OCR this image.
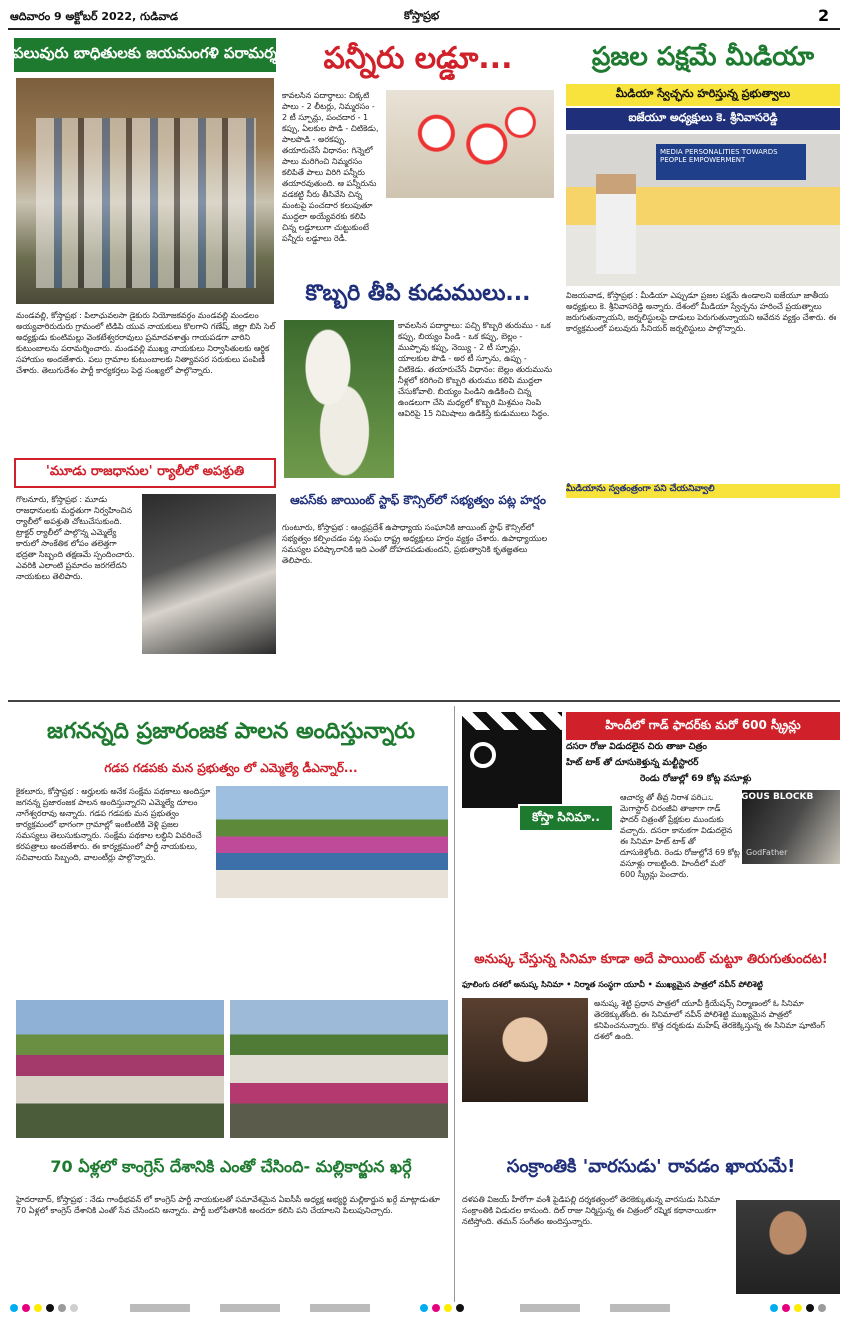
ఆదివారం 9 అక్టోబర్ 2022, గుడివాడ	కోస్తాప్రభ	2
పలువురు బాధితులకు జయమంగళి పరామర్శ
మండవల్లి, కోస్తాప్రభ : పిలాఛువలసా డైకురు నియోజకవర్గం మండవల్లి మండలం అయ్యవారిరుదురు గ్రామంలో టిడిపి యువ నాయకులు కొలగాని గణేష్, జిల్లా బిసి సెల్ అధ్యక్షుడు కుంటిమల్లు వెంకటేశ్వరరావులు ప్రమాదవశాత్తు గాయపడగా వారిని కుటుంబాలను పరామర్శించారు. మండవల్లి ముఖ్య నాయకులు నిర్వాసితులకు ఆర్ధిక సహాయం అందజేశారు. పలు గ్రామాల కుటుంబాలకు నిత్యావసర సరుకులు పంపిణీ చేశారు. తెలుగుదేశం పార్టీ కార్యకర్తలు పెద్ద సంఖ్యలో పాల్గొన్నారు.
'మూడు రాజధానుల' ర్యాలీలో అపశ్రుతి
గొలనూరు, కోస్తాప్రభ : మూడు రాజధానులకు మద్దతుగా నిర్వహించిన ర్యాలీలో అపశ్రుతి చోటుచేసుకుంది. ట్రాక్టర్ ర్యాలీలో పాల్గొన్న ఎమ్మెల్యే కారులో సాంకేతిక లోపం తలెత్తగా భద్రతా సిబ్బంది తక్షణమే స్పందించారు. ఎవరికి ఎలాంటి ప్రమాదం జరగలేదని నాయకులు తెలిపారు.
పన్నీరు లడ్డూ...
కావలసిన పదార్థాలు: చిక్కటి పాలు - 2 లీటర్లు, నిమ్మరసం - 2 టీ స్పూన్లు, పంచదార - 1 కప్పు, ఏలకుల పొడి - చిటికెడు, పాలపొడి - అరకప్పు. తయారుచేసే విధానం: గిన్నెలో పాలు మరిగించి నిమ్మరసం కలిపితే పాలు విరిగి పన్నీరు తయారవుతుంది. ఆ పన్నీరును వడకట్టి నీరు తీసివేసి చిన్న మంటపై పంచదార కలుపుతూ ముద్దలా అయ్యేవరకు కలిపి చిన్న లడ్డూలుగా చుట్టుకుంటే పన్నీరు లడ్డూలు రెడీ.
కొబ్బరి తీపి కుడుములు...
కావలసిన పదార్థాలు: పచ్చి కొబ్బరి తురుము - ఒక కప్పు, బియ్యం పిండి - ఒక కప్పు, బెల్లం - ముప్పావు కప్పు, నెయ్యి - 2 టీ స్పూన్లు, యాలకుల పొడి - అర టీ స్పూను, ఉప్పు - చిటికెడు. తయారుచేసే విధానం: బెల్లం తురుమును నీళ్లలో కరిగించి కొబ్బరి తురుము కలిపి ముద్దలా చేసుకోవాలి. బియ్యం పిండిని ఉడికించి చిన్న ఉండలుగా చేసి మధ్యలో కొబ్బరి మిశ్రమం నింపి ఆవిరిపై 15 నిమిషాలు ఉడికిస్తే కుడుములు సిద్ధం.
ఆపస్‌కు జాయింట్ స్టాఫ్ కౌన్సిల్‌లో సభ్యత్వం పట్ల హర్షం
గుంటూరు, కోస్తాప్రభ : ఆంధ్రప్రదేశ్ ఉపాధ్యాయ సంఘానికి జాయింట్ స్టాఫ్ కౌన్సిల్‌లో సభ్యత్వం కల్పించడం పట్ల సంఘ రాష్ట్ర అధ్యక్షులు హర్షం వ్యక్తం చేశారు. ఉపాధ్యాయుల సమస్యల పరిష్కారానికి ఇది ఎంతో దోహదపడుతుందని, ప్రభుత్వానికి కృతజ్ఞతలు తెలిపారు.
ప్రజల పక్షమే మీడియా
మీడియా స్వేచ్ఛను హరిస్తున్న ప్రభుత్వాలు
ఐజేయూ అధ్యక్షులు కె. శ్రీనివాసరెడ్డి
MEDIA PERSONALITIES TOWARDS PEOPLE EMPOWERMENT
విజయవాడ, కోస్తాప్రభ : మీడియా ఎప్పుడూ ప్రజల పక్షమే ఉండాలని ఐజేయూ జాతీయ అధ్యక్షులు కె. శ్రీనివాసరెడ్డి అన్నారు. దేశంలో మీడియా స్వేచ్ఛను హరించే ప్రయత్నాలు జరుగుతున్నాయని, జర్నలిస్టులపై దాడులు పెరుగుతున్నాయని ఆవేదన వ్యక్తం చేశారు. ఈ కార్యక్రమంలో పలువురు సీనియర్ జర్నలిస్టులు పాల్గొన్నారు.
మీడియాను స్వతంత్రంగా పని చేయనివ్వాలి
జగనన్నది ప్రజారంజక పాలన అందిస్తున్నారు
గడప గడపకు మన ప్రభుత్వం లో ఎమ్మెల్యే డీఎన్నార్...
కైకలూరు, కోస్తాప్రభ : అర్హులకు అనేక సంక్షేమ పథకాలు అందిస్తూ జగనన్న ప్రజారంజక పాలన అందిస్తున్నారని ఎమ్మెల్యే దూలం నాగేశ్వరరావు అన్నారు. గడప గడపకు మన ప్రభుత్వం కార్యక్రమంలో భాగంగా గ్రామాల్లో ఇంటింటికి వెళ్లి ప్రజల సమస్యలు తెలుసుకున్నారు. సంక్షేమ పథకాల లబ్ధిని వివరించే కరపత్రాలు అందజేశారు. ఈ కార్యక్రమంలో పార్టీ నాయకులు, సచివాలయ సిబ్బంది, వాలంటీర్లు పాల్గొన్నారు.
70 ఏళ్లలో కాంగ్రెస్ దేశానికి ఎంతో చేసింది- మల్లికార్జున ఖర్గే
హైదరాబాద్, కోస్తాప్రభ : నేడు గాంధీభవన్ లో కాంగ్రెస్ పార్టీ నాయకులతో సమావేశమైన ఏఐసీసీ అధ్యక్ష అభ్యర్థి మల్లికార్జున ఖర్గే మాట్లాడుతూ 70 ఏళ్లలో కాంగ్రెస్ దేశానికి ఎంతో సేవ చేసిందని అన్నారు. పార్టీ బలోపేతానికి అందరూ కలిసి పని చేయాలని పిలుపునిచ్చారు.
హిందీలో గాడ్ ఫాదర్‌కు మరో 600 స్క్రీన్లు
కోస్తా సినిమా..
దసరా రోజు విడుదలైన చిరు తాజా చిత్రం
హిట్ టాక్ తో దూసుకెళ్తున్న మల్టీస్టారర్
రెండు రోజుల్లో 69 కోట్ల వసూళ్లు
ఆచార్య తో తీవ్ర నిరాశ పరిచిన మెగాస్టార్ చిరంజీవి తాజాగా గాడ్ ఫాదర్ చిత్రంతో ప్రేక్షకుల ముందుకు వచ్చారు. దసరా కానుకగా విడుదలైన ఈ సినిమా హిట్ టాక్ తో దూసుకెళ్తోంది. రెండు రోజుల్లోనే 69 కోట్ల వసూళ్లు రాబట్టింది. హిందీలో మరో 600 స్క్రీన్లు పెంచారు.
HUMONGOUS BLOCKB
GodFather
అనుష్క చేస్తున్న సినిమా కూడా అదే పాయింట్ చుట్టూ తిరుగుతుందట!
ఫూలింగు దశలో అనుష్క సినిమా • నిర్మాత సంస్థగా యూవీ • ముఖ్యమైన పాత్రలో నవీన్ పోలిశెట్టి
అనుష్క శెట్టి ప్రధాన పాత్రలో యూవీ క్రియేషన్స్ నిర్మాణంలో ఓ సినిమా తెరకెక్కుతోంది. ఈ సినిమాలో నవీన్ పోలిశెట్టి ముఖ్యమైన పాత్రలో కనిపించనున్నారు. కొత్త దర్శకుడు మహేష్ తెరకెక్కిస్తున్న ఈ సినిమా షూటింగ్ దశలో ఉంది.
సంక్రాంతికి 'వారసుడు' రావడం ఖాయమే!
దళపతి విజయ్ హీరోగా వంశీ పైడిపల్లి దర్శకత్వంలో తెరకెక్కుతున్న వారసుడు సినిమా సంక్రాంతికి విడుదల కానుంది. దిల్ రాజు నిర్మిస్తున్న ఈ చిత్రంలో రష్మిక కథానాయికగా నటిస్తోంది. తమన్ సంగీతం అందిస్తున్నారు.
